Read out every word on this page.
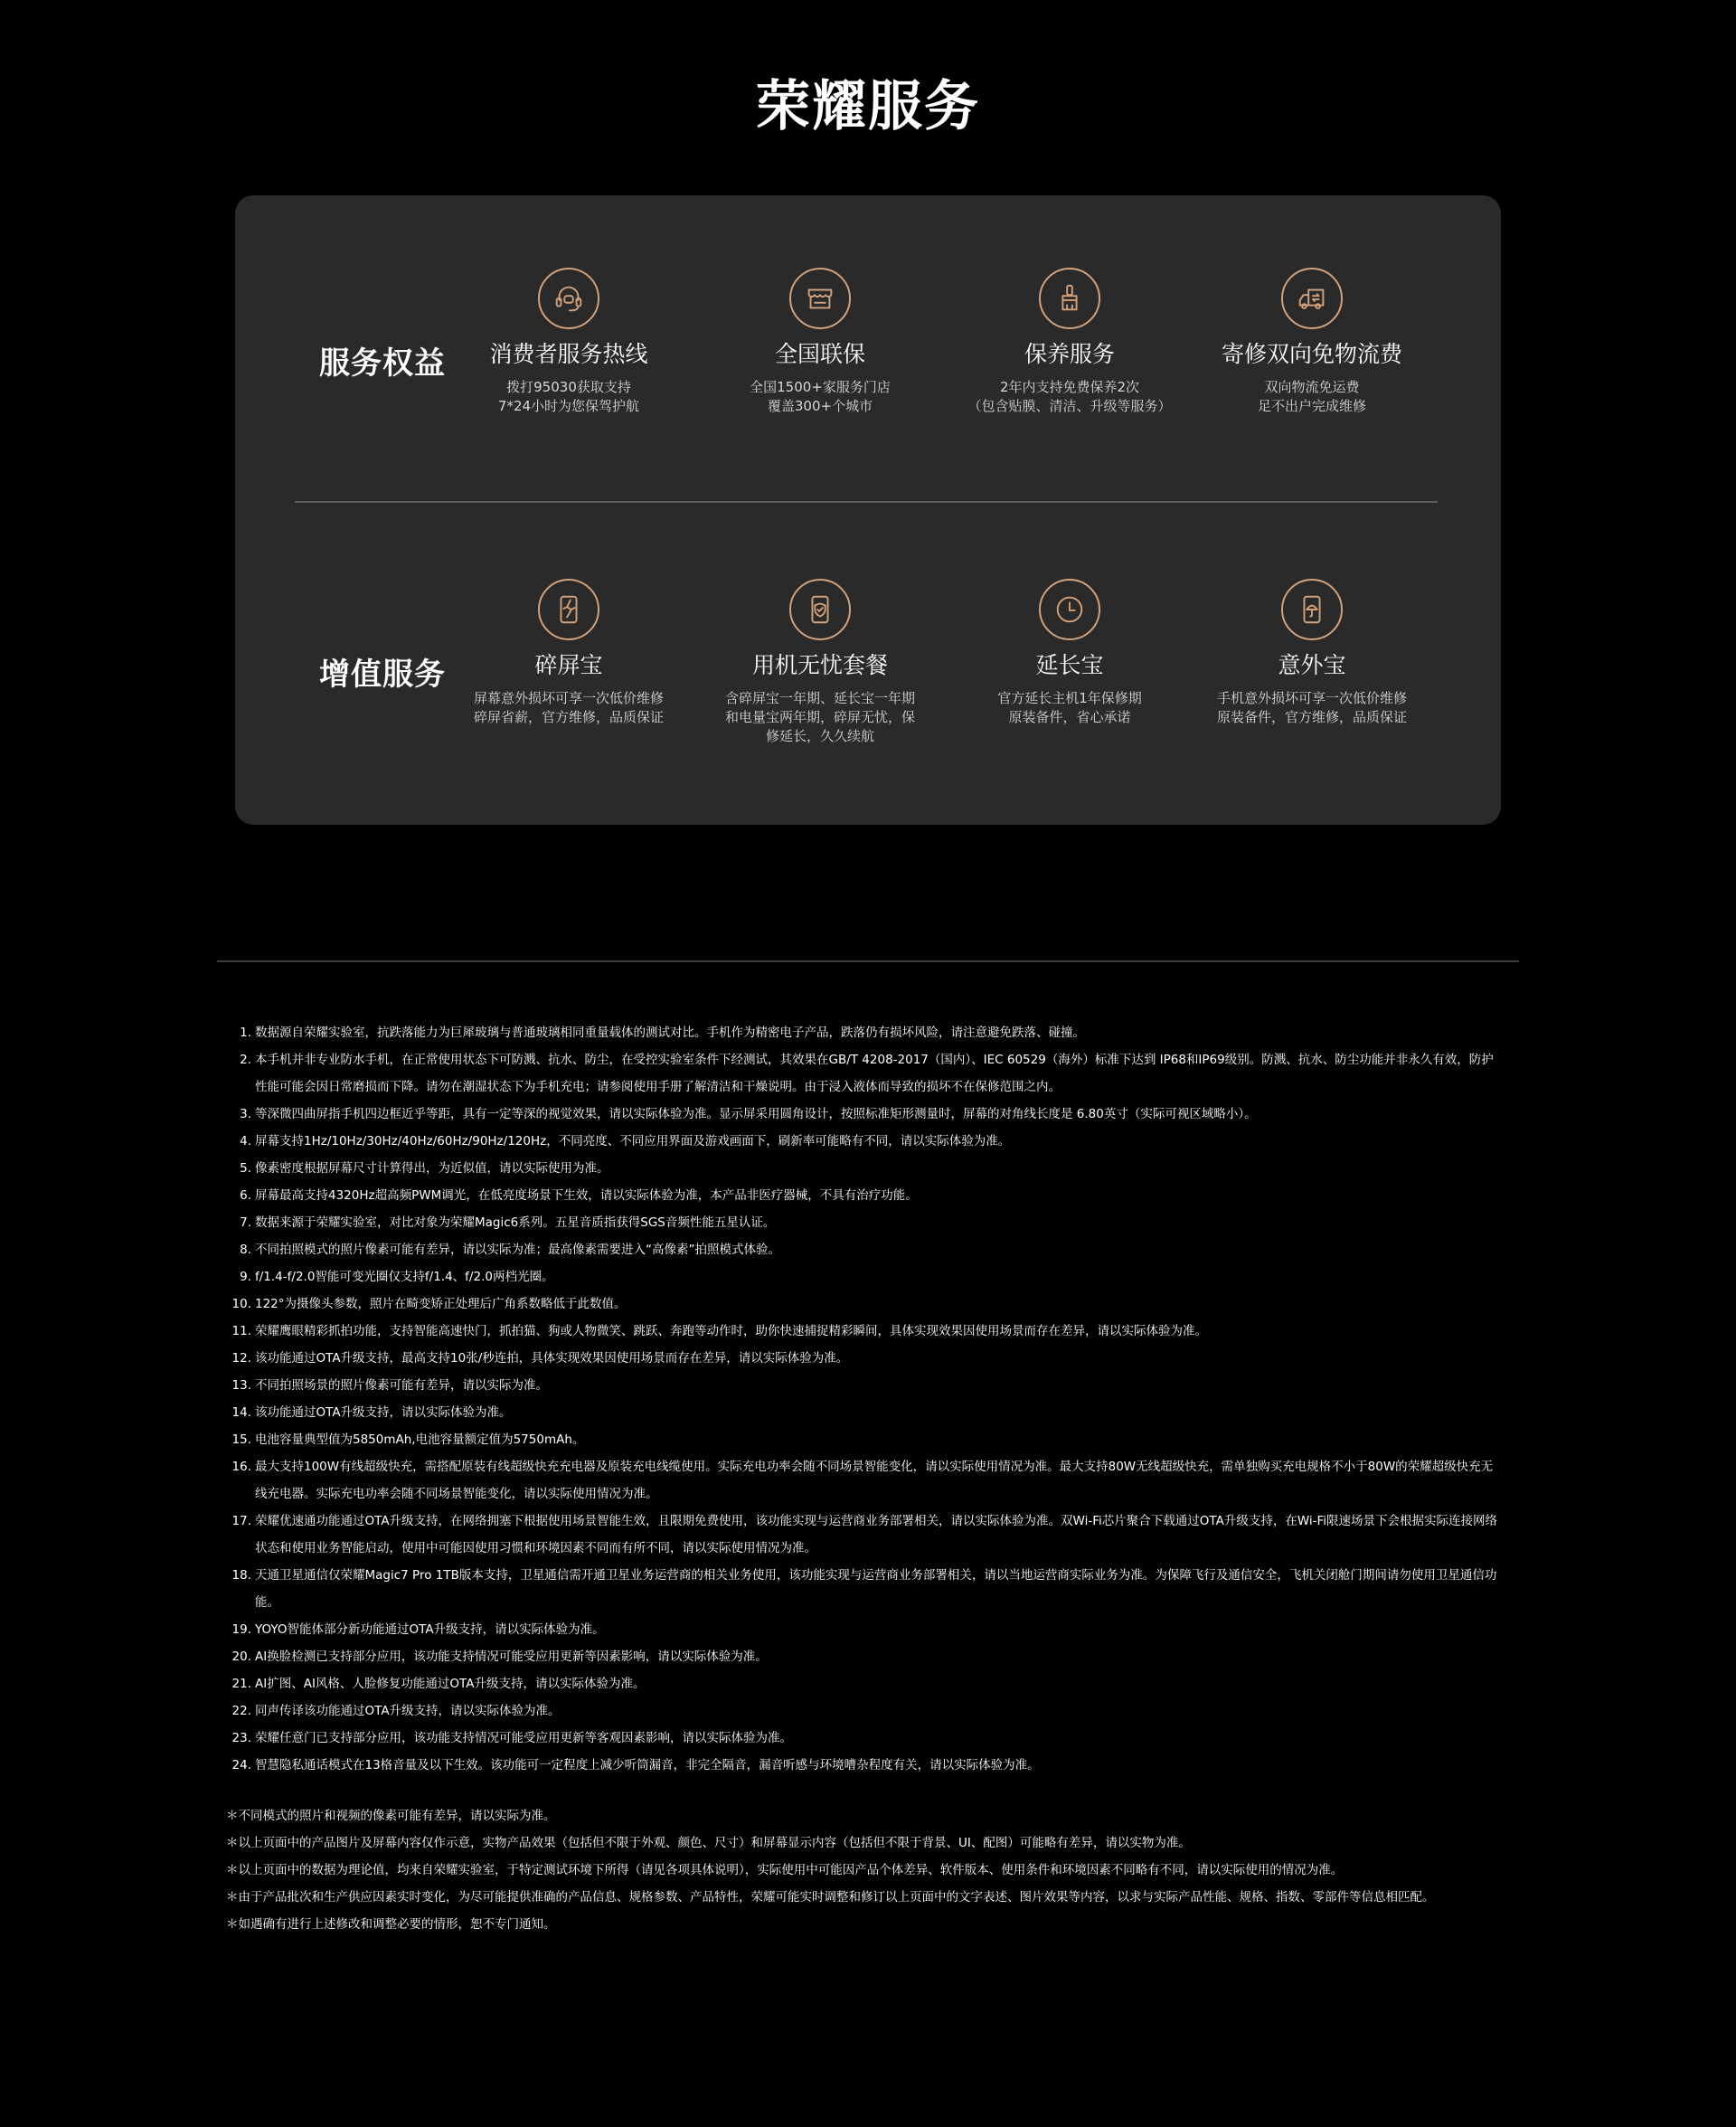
荣耀服务
服务权益	消费者服务热线
拨打95030获取支持
7*24小时为您保驾护航
全国联保
全国1500+家服务门店
覆盖300+个城市
保养服务
2年内支持免费保养2次
（包含贴膜、清洁、升级等服务）
寄修双向免物流费
双向物流免运费
足不出户完成维修
增值服务	碎屏宝
屏幕意外损坏可享一次低价维修
碎屏省薪，官方维修，品质保证
用机无忧套餐
含碎屏宝一年期、延长宝一年期
和电量宝两年期，碎屏无忧，保
修延长，久久续航
延长宝
官方延长主机1年保修期
原装备件，省心承诺
意外宝
手机意外损坏可享一次低价维修
原装备件，官方维修，品质保证
1. 数据源自荣耀实验室，抗跌落能力为巨犀玻璃与普通玻璃相同重量载体的测试对比。手机作为精密电子产品，跌落仍有损坏风险，请注意避免跌落、碰撞。
2. 本手机并非专业防水手机，在正常使用状态下可防溅、抗水、防尘，在受控实验室条件下经测试，其效果在GB/T 4208-2017（国内）、IEC 60529（海外）标准下达到 IP68和IP69级别。防溅、抗水、防尘功能并非永久有效，防护性能可能会因日常磨损而下降。请勿在潮湿状态下为手机充电；请参阅使用手册了解清洁和干燥说明。由于浸入液体而导致的损坏不在保修范围之内。
3. 等深微四曲屏指手机四边框近乎等距，具有一定等深的视觉效果，请以实际体验为准。显示屏采用圆角设计，按照标准矩形测量时，屏幕的对角线长度是 6.80英寸（实际可视区域略小）。
4. 屏幕支持1Hz/10Hz/30Hz/40Hz/60Hz/90Hz/120Hz，不同亮度、不同应用界面及游戏画面下，刷新率可能略有不同，请以实际体验为准。
5. 像素密度根据屏幕尺寸计算得出，为近似值，请以实际使用为准。
6. 屏幕最高支持4320Hz超高频PWM调光，在低亮度场景下生效，请以实际体验为准，本产品非医疗器械，不具有治疗功能。
7. 数据来源于荣耀实验室，对比对象为荣耀Magic6系列。五星音质指获得SGS音频性能五星认证。
8. 不同拍照模式的照片像素可能有差异，请以实际为准；最高像素需要进入“高像素”拍照模式体验。
9. f/1.4-f/2.0智能可变光圈仅支持f/1.4、f/2.0两档光圈。
10. 122°为摄像头参数，照片在畸变矫正处理后广角系数略低于此数值。
11. 荣耀鹰眼精彩抓拍功能，支持智能高速快门，抓拍猫、狗或人物微笑、跳跃、奔跑等动作时，助你快速捕捉精彩瞬间，具体实现效果因使用场景而存在差异，请以实际体验为准。
12. 该功能通过OTA升级支持，最高支持10张/秒连拍，具体实现效果因使用场景而存在差异，请以实际体验为准。
13. 不同拍照场景的照片像素可能有差异，请以实际为准。
14. 该功能通过OTA升级支持，请以实际体验为准。
15. 电池容量典型值为5850mAh,电池容量额定值为5750mAh。
16. 最大支持100W有线超级快充，需搭配原装有线超级快充充电器及原装充电线缆使用。实际充电功率会随不同场景智能变化，请以实际使用情况为准。最大支持80W无线超级快充，需单独购买充电规格不小于80W的荣耀超级快充无线充电器。实际充电功率会随不同场景智能变化，请以实际使用情况为准。
17. 荣耀优速通功能通过OTA升级支持，在网络拥塞下根据使用场景智能生效，且限期免费使用，该功能实现与运营商业务部署相关，请以实际体验为准。双Wi-Fi芯片聚合下载通过OTA升级支持，在Wi-Fi限速场景下会根据实际连接网络状态和使用业务智能启动，使用中可能因使用习惯和环境因素不同而有所不同，请以实际使用情况为准。
18. 天通卫星通信仅荣耀Magic7 Pro 1TB版本支持，卫星通信需开通卫星业务运营商的相关业务使用，该功能实现与运营商业务部署相关，请以当地运营商实际业务为准。为保障飞行及通信安全，飞机关闭舱门期间请勿使用卫星通信功能。
19. YOYO智能体部分新功能通过OTA升级支持，请以实际体验为准。
20. AI换脸检测已支持部分应用，该功能支持情况可能受应用更新等因素影响，请以实际体验为准。
21. AI扩图、AI风格、人脸修复功能通过OTA升级支持，请以实际体验为准。
22. 同声传译该功能通过OTA升级支持，请以实际体验为准。
23. 荣耀任意门已支持部分应用，该功能支持情况可能受应用更新等客观因素影响，请以实际体验为准。
24. 智慧隐私通话模式在13格音量及以下生效。该功能可一定程度上减少听筒漏音，非完全隔音，漏音听感与环境嘈杂程度有关，请以实际体验为准。
＊不同模式的照片和视频的像素可能有差异，请以实际为准。
＊以上页面中的产品图片及屏幕内容仅作示意，实物产品效果（包括但不限于外观、颜色、尺寸）和屏幕显示内容（包括但不限于背景、UI、配图）可能略有差异，请以实物为准。
＊以上页面中的数据为理论值，均来自荣耀实验室，于特定测试环境下所得（请见各项具体说明），实际使用中可能因产品个体差异、软件版本、使用条件和环境因素不同略有不同，请以实际使用的情况为准。
＊由于产品批次和生产供应因素实时变化，为尽可能提供准确的产品信息、规格参数、产品特性，荣耀可能实时调整和修订以上页面中的文字表述、图片效果等内容，以求与实际产品性能、规格、指数、零部件等信息相匹配。
＊如遇确有进行上述修改和调整必要的情形，恕不专门通知。
